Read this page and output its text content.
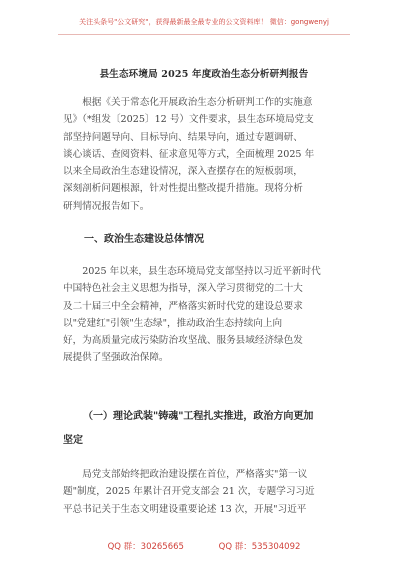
关注头条号"公文研究"，获得最新最全最专业的公文资料库！ 微信：gongwenyj
县生态环境局 2025 年度政治生态分析研判报告
根据《关于常态化开展政治生态分析研判工作的实施意
见》（*组发〔2025〕12 号）文件要求，县生态环境局党支
部坚持问题导向、目标导向、结果导向，通过专题调研、
谈心谈话、查阅资料、征求意见等方式，全面梳理 2025 年
以来全局政治生态建设情况，深入查摆存在的短板弱项，
深刻剖析问题根源，针对性提出整改提升措施。现将分析
研判情况报告如下。
一、政治生态建设总体情况
2025 年以来，县生态环境局党支部坚持以习近平新时代
中国特色社会主义思想为指导，深入学习贯彻党的二十大
及二十届三中全会精神，严格落实新时代党的建设总要求
以"党建红"引领"生态绿"，推动政治生态持续向上向
好，为高质量完成污染防治攻坚战、服务县域经济绿色发
展提供了坚强政治保障。
（一）理论武装"铸魂"工程扎实推进，政治方向更加
坚定
局党支部始终把政治建设摆在首位，严格落实"第一议
题"制度，2025 年累计召开党支部会 21 次，专题学习习近
平总书记关于生态文明建设重要论述 13 次，开展"习近平
QQ 群：30265665	QQ 群：535304092
